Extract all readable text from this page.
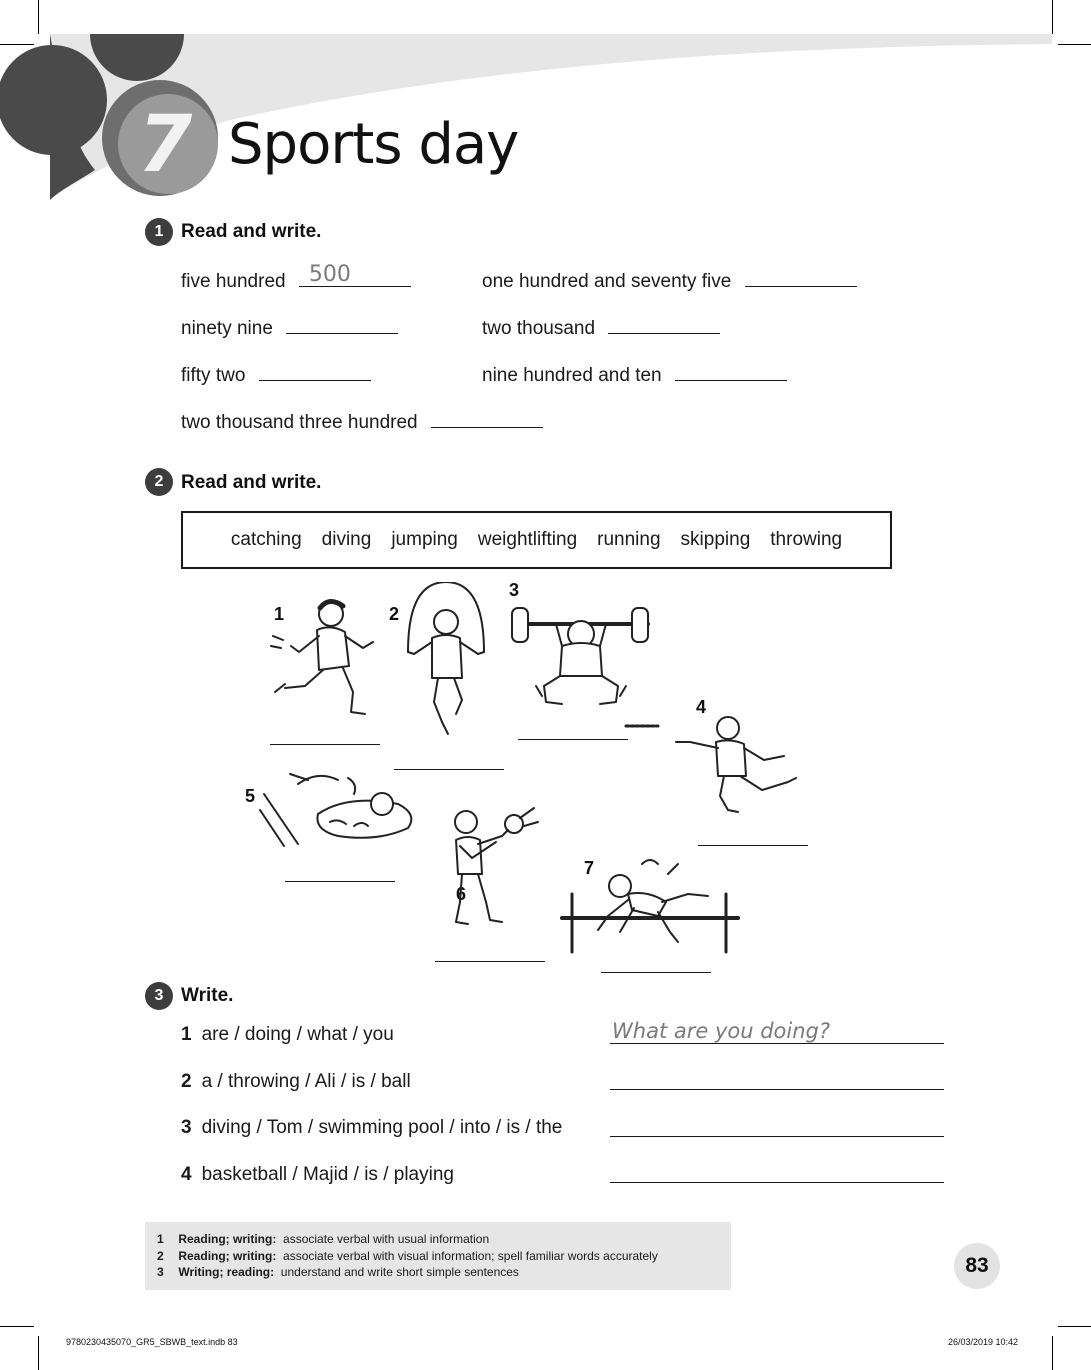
7 Sports day
1 Read and write.
five hundred 500	one hundred and seventy five
ninety nine	two thousand
fifty two	nine hundred and ten
two thousand three hundred
2 Read and write.
catching diving jumping weightlifting running skipping throwing
1	2
3
4
5
6
7
3 Write.
1 are / doing / what / you	What are you doing?
2 a / throwing / Ali / is / ball
3 diving / Tom / swimming pool / into / is / the
4 basketball / Majid / is / playing
1 Reading; writing: associate verbal with usual information
2 Reading; writing: associate verbal with visual information; spell familiar words accurately
3 Writing; reading: understand and write short simple sentences	83
9780230435070_GR5_SBWB_text.indb 83	26/03/2019 10:42
